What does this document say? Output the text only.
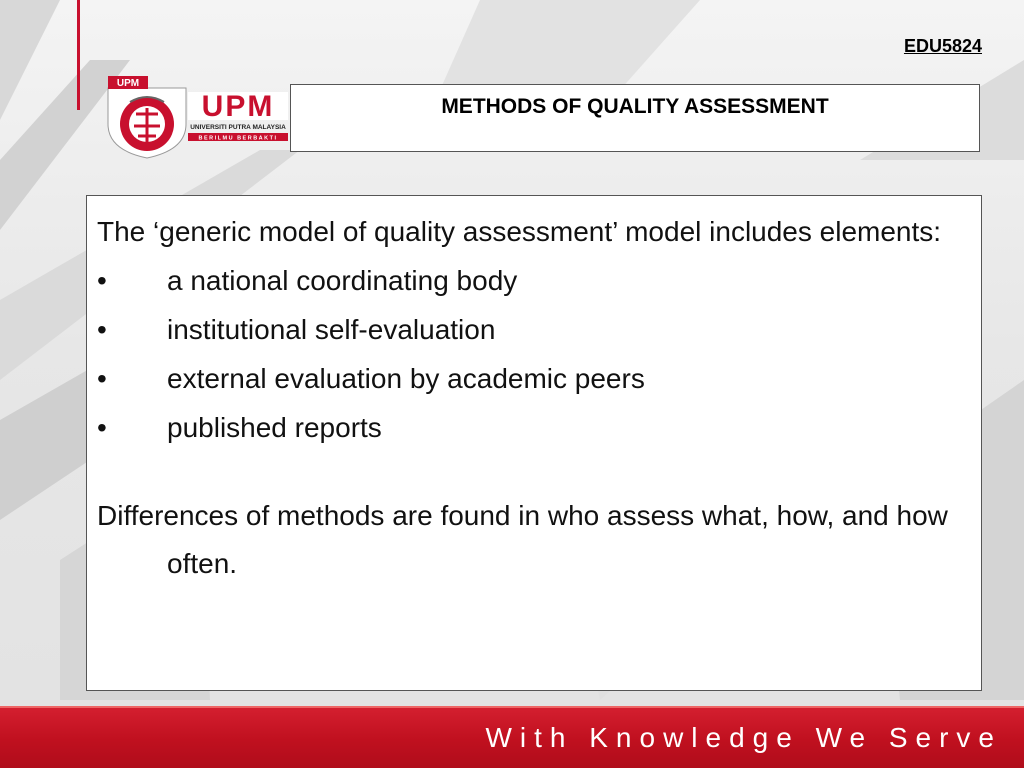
EDU5824
UPM
UPM
UNIVERSITI PUTRA MALAYSIA
BERILMU BERBAKTI
METHODS OF QUALITY ASSESSMENT

The ‘generic model of quality assessment’ model includes elements:

•	a national coordinating body
•	institutional self-evaluation
•	external evaluation by academic peers
•	published reports

Differences of methods are found in who assess what, how, and how often.

With Knowledge We Serve
